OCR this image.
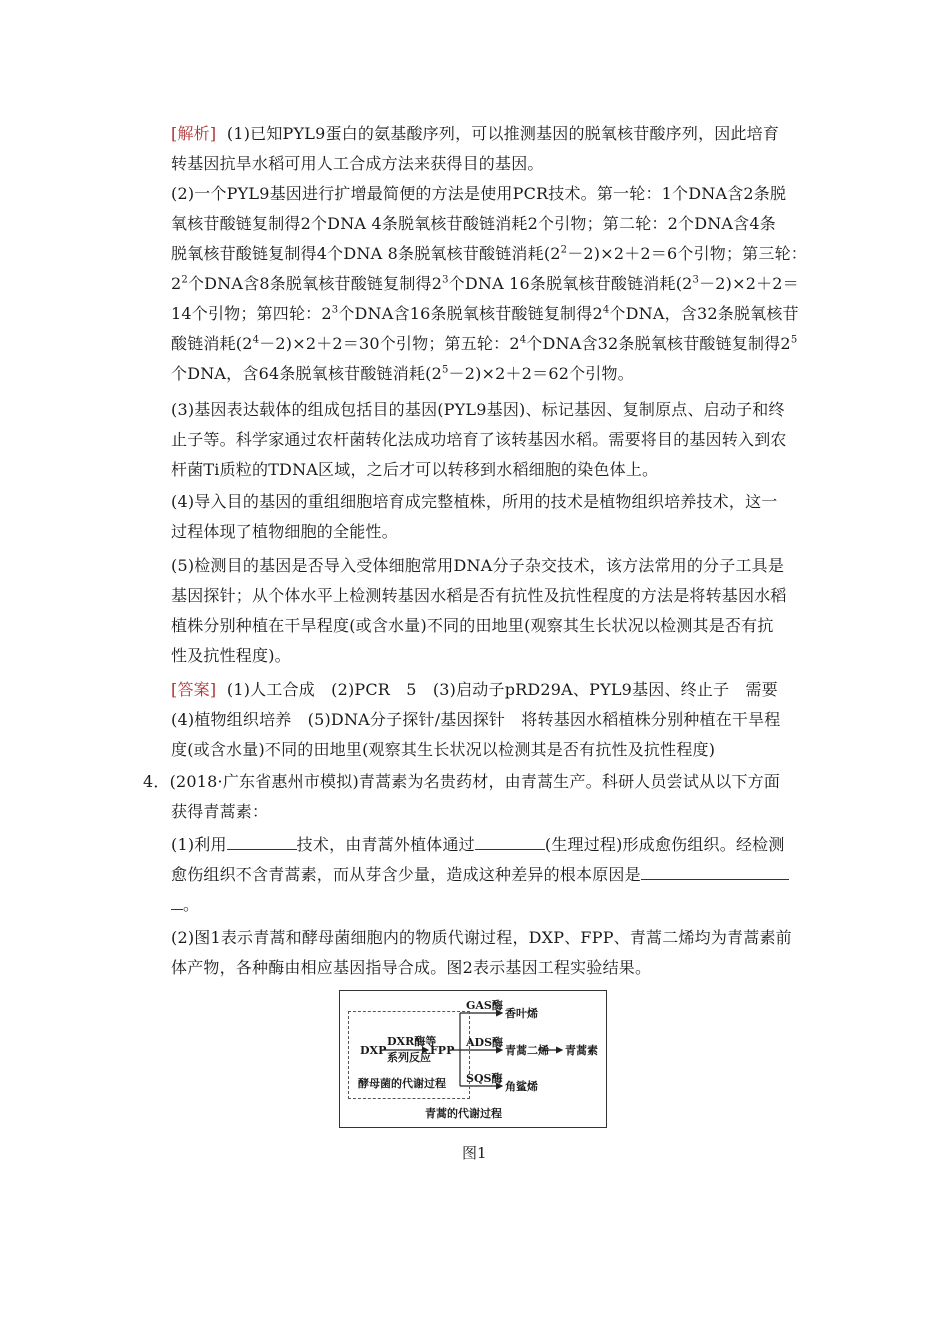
[解析] (1)已知PYL9蛋白的氨基酸序列，可以推测基因的脱氧核苷酸序列，因此培育
转基因抗旱水稻可用人工合成方法来获得目的基因。
(2)一个PYL9基因进行扩增最简便的方法是使用PCR技术。第一轮：1个DNA含2条脱
氧核苷酸链复制得2个DNA 4条脱氧核苷酸链消耗2个引物；第二轮：2个DNA含4条
脱氧核苷酸链复制得4个DNA 8条脱氧核苷酸链消耗$(2^2-2)\times 2+2=6$个引物；第三轮：
$2^2$个DNA含8条脱氧核苷酸链复制得$2^3$个DNA 16条脱氧核苷酸链消耗$(2^3-2)\times 2+2=$
14个引物；第四轮：$2^3$个DNA含16条脱氧核苷酸链复制得$2^4$个DNA，含32条脱氧核苷
酸链消耗$(2^4-2)\times 2+2=30$个引物；第五轮：$2^4$个DNA含32条脱氧核苷酸链复制得$2^5$
个DNA，含64条脱氧核苷酸链消耗$(2^5-2)\times 2+2=62$个引物。
(3)基因表达载体的组成包括目的基因(PYL9基因)、标记基因、复制原点、启动子和终
止子等。科学家通过农杆菌转化法成功培育了该转基因水稻。需要将目的基因转入到农
杆菌Ti质粒的TDNA区域，之后才可以转移到水稻细胞的染色体上。
(4)导入目的基因的重组细胞培育成完整植株，所用的技术是植物组织培养技术，这一
过程体现了植物细胞的全能性。
(5)检测目的基因是否导入受体细胞常用DNA分子杂交技术，该方法常用的分子工具是
基因探针；从个体水平上检测转基因水稻是否有抗性及抗性程度的方法是将转基因水稻
植株分别种植在干旱程度(或含水量)不同的田地里(观察其生长状况以检测其是否有抗
性及抗性程度)。
[答案] (1)人工合成　(2)PCR　5　(3)启动子pRD29A、PYL9基因、终止子　需要
(4)植物组织培养　(5)DNA分子探针/基因探针　将转基因水稻植株分别种植在干旱程
度(或含水量)不同的田地里(观察其生长状况以检测其是否有抗性及抗性程度)
4．(2018·广东省惠州市模拟)青蒿素为名贵药材，由青蒿生产。科研人员尝试从以下方面
获得青蒿素：
(1)利用	技术，由青蒿外植体通过	(生理过程)形成愈伤组织。经检测
愈伤组织不含青蒿素，而从芽含少量，造成这种差异的根本原因是
。
(2)图1表示青蒿和酵母菌细胞内的物质代谢过程，DXP、FPP、青蒿二烯均为青蒿素前
体产物，各种酶由相应基因指导合成。图2表示基因工程实验结果。
DXP
DXR酶等
系列反应
FPP
酵母菌的代谢过程
GAS酶
ADS酶
SQS酶
香叶烯
青蒿二烯 青蒿素
角鲨烯
青蒿的代谢过程
图1
